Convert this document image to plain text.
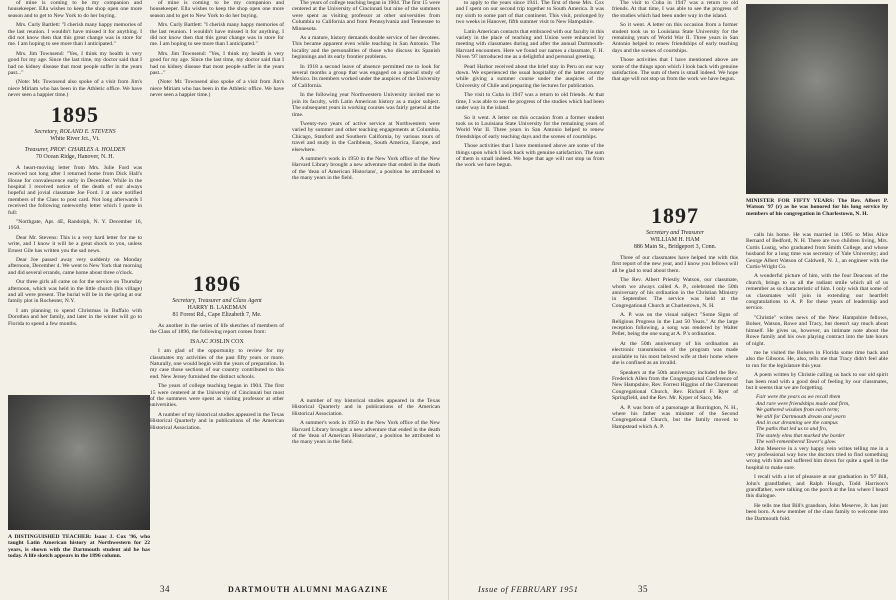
of mine is coming to be my companion and housekeeper. Ella wishes to keep the shop open one more season and to get to New York to do her buying.

Mrs. Curly Bartlett: "I cherish many happy memories of the last reunion. I wouldn't have missed it for anything. I did not know then that this great change was in store for me. I am hoping to see more than I anticipated."

Mrs. Jim Townsend: "Yes, I think my health is very good for my age. Since the last time, my doctor said that I had no kidney disease that most people suffer in the years past..."

(Note: Mr. Townsend also spoke of a visit from Jim's niece Miriam who has been in the Athletic office. We have never seen a happier time.)

1895
Secretary, ROLAND E. STEVENS
White River Jct., Vt.
Treasurer, PROF. CHARLES A. HOLDEN
70 Ocean Ridge, Hanover, N. H.

A heart-moving letter from Mrs. Julie Ford was received not long after I returned home from Dick Hall's House for convalescence early in December. While in the hospital I received notice of the death of our always hopeful and jovial classmate Joe Ford. I at once notified members of the Class to post card. Not long afterwards I received the following noteworthy letter which I quote in full:

"Northgate, Apt. 4E, Randolph, N. Y. December 16, 1950.

Dear Mr. Stevens: This is a very hard letter for me to write, and I know it will be a great shock to you, unless Ernest Gile has written you the sad news.

Dear Joe passed away very suddenly on Monday afternoon, December 4. We went to New York that morning and did several errands, came home about three o'clock.

Our three girls all came on for the service on Thursday afternoon, which was held in the little church (his village) and all were present. The burial will be in the spring at our family plot in Rochester, N.Y.

I am planning to spend Christmas in Buffalo with Dorothea and her family, and later in the winter will go to Florida to spend a few months.

1896
Secretary, Treasurer and Class Agent
HARRY B. LAKEMAN
81 Forest Rd., Cape Elizabeth 7, Me.

As another in the series of life sketches of members of the Class of 1896, the following report comes from:

ISAAC JOSLIN COX

I am glad of the opportunity to review for my classmates my activities of the past fifty years or more. Naturally, one would begin with the years of preparation. In my case those sections of our country contributed to this end. New Jersey furnished the distinct schools.

The years of college teaching began in 1904. The first 15 were centered at the University of Cincinnati but most of the summers were spent as visiting professor at other universities.

A number of my historical studies appeared in the Texas Historical Quarterly and in publications of the American Historical Association.

of mine is coming to be my companion and housekeeper. Ella wishes to keep the shop open one more season and to get to New York to do her buying.

Mrs. Curly Bartlett: "I cherish many happy memories of the last reunion. I wouldn't have missed it for anything. I did not know then that this great change was in store for me. I am hoping to see more than I anticipated."

Mrs. Jim Townsend: "Yes, I think my health is very good for my age. Since the last time, my doctor said that I had no kidney disease that most people suffer in the years past..."

(Note: Mr. Townsend also spoke of a visit from Jim's niece Miriam who has been in the Athletic office. We have never seen a happier time.)

The years of college teaching began in 1904. The first 15 were centered at the University of Cincinnati but nine of the summers were spent as visiting professor at other universities from Columbia to California and from Pennsylvania and Tennessee to Minnesota.

As a mature, history demands double service of her devotees. This became apparent even while teaching in San Antonio. The locality and the personalities of those who discuss its Spanish beginnings and its early frontier problems.

In 1918 a second leave of absence permitted me to look for several months a group that was engaged on a special study of Mexico. Its members worked under the auspices of the University of California.

In the following year Northwestern University invited me to join its faculty, with Latin American history as a major subject. The subsequent years in working courses was fairly general at the time.

Twenty-two years of active service at Northwestern were varied by summer and other teaching engagements at Columbia, Chicago, Stanford and Southern California, by various tours of travel and study in the Caribbean, South America, Europe, and elsewhere.

A summer's work in 1950 in the New York office of the New Harvard Library brought a new adventure that ended in the death of the 'dean of American Historians', a position he attributed to the many years in the field.

A DISTINGUISHED TEACHER: Isaac J. Cox '96, who taught Latin American history at Northwestern for 22 years, is shown with the Dartmouth student aid he has today. A life sketch appears in the 1896 column.

A number of my historical studies appeared in the Texas Historical Quarterly and in publications of the American Historical Association.

A summer's work in 1950 in the New York office of the New Harvard Library brought a new adventure that ended in the death of the 'dean of American Historians', a position he attributed to the many years in the field.

34	DARTMOUTH ALUMNI MAGAZINE

to apply to the years since 1941. The first of these Mrs. Cox and I spent on our second trip together to South America. It was my sixth to some part of that continent. This visit, prolonged by two weeks in Hanover, fifth summer visit to New Hampshire.

Latin American contacts that embraced with our faculty in this variety in the place of teaching and Union were enhanced by meeting with classmates during and after the annual Dartmouth-Harvard encounters. Here we found our names a classmate, F. H. Niven '97 introduced me as a delightful and personal greeting.

Pearl Harbor received about the brief stay in Peru on our way down. We experienced the usual hospitality of the latter country while giving a summer course under the auspices of the University of Chile and preparing the lectures for publication.

The visit to Cuba in 1947 was a return to old friends. At that time, I was able to see the progress of the studies which had been under way in the island.

So it went. A letter on this occasion from a former student took us to Louisiana State University for the remaining years of World War II. Three years in San Antonio helped to renew friendships of early teaching days and the scenes of courtships.

Those activities that I have mentioned above are some of the things upon which I look back with genuine satisfaction. The sum of them is small indeed. We hope that age will not stop us from the work we have begun.

1897
Secretary and Treasurer
WILLIAM H. HAM
886 Main St., Bridgeport 3, Conn.

Three of our classmates have helped me with this first report of the new year, and I know you fellows will all be glad to read about them.

The Rev. Albert Priestly Watson, our classmate, whom we always called A. P., celebrated the 50th anniversary of his ordination in the Christian Ministry in September. The service was held at the Congregational Church at Charlestown, N. H.

A. P. was on the visual subject "Some Signs of Religious Progress in the Last 50 Years." At the large reception following, a song was rendered by Walter Pellet, being the one sung at A. P.'s ordination.

At the 50th anniversary of his ordination an electronic transmission of the program was made available to his most beloved wife at their home where she is confined as an invalid.

Speakers at the 50th anniversary included the Rev. Frederick Allen from the Congregational Conference of New Hampshire, Rev. Forrest Higgins of the Claremont Congregational Church, Rev. Richard F. Ryer of Springfield, and the Rev. Mr. Kyper of Saco, Me.

A. P. was born of a parsonage at Burrington, N. H., where his father was minister of the Second Congregational Church, but the family moved to Hampstead which A. P.

The visit to Cuba in 1947 was a return to old friends. At that time, I was able to see the progress of the studies which had been under way in the island.

So it went. A letter on this occasion from a former student took us to Louisiana State University for the remaining years of World War II. Three years in San Antonio helped to renew friendships of early teaching days and the scenes of courtships.

Those activities that I have mentioned above are some of the things upon which I look back with genuine satisfaction. The sum of them is small indeed. We hope that age will not stop us from the work we have begun.

MINISTER FOR FIFTY YEARS: The Rev. Albert P. Watson '97 (r) as he was honored for his long service by members of his congregation in Charlestown, N. H.

calls his home. He was married in 1905 to Miss Alice Bernard of Bedford, N. H. There are two children living, Mrs. Curtis Lustig, who graduated from Smith College, and whose husband for a long time was secretary of Yale University; and George Albert Watson of Caldwell, N. J., an engineer with the Curtis-Wright Co.

A wonderful picture of him, with the four Deacons of the church, brings to us all the radiant smile which all of us remember as so characteristic of him. I only wish that some of us classmates will join in extending our heartfelt congratulations to A. P. for these years of leadership and service.

"Christie" writes news of the New Hampshire fellows, Bolser, Watson, Rowe and Tracy, but doesn't say much about himself. He gives us, however, an intimate note about the Rowe family and his own playing contract into the late hours of night.

me he visited the Bolsers in Florida some time back and also the Gibsons. He, also, tells me that Tracy didn't feel able to run for the legislature this year.

A poem written by Christie calling us back to our old spirit has been read with a good deal of feeling by our classmates, but it seems that we are forgetting.

Fair were the years as we recall them
And rare were friendships made and firm,
We gathered wisdom from each term;
We still for Dartmouth dream and yearn
And in our dreaming see the campus
The paths that led us to and fro,
The stately elms that marked the border
The well-remembered Tower's glow.

John Meserve in a very happy vein writes telling me in a very professional way how the doctors tried to find something wrong with him and suffered him down for quite a spell in the hospital to make sure.

I recall with a lot of pleasure at our graduation in '97 Bill, John's grandfather, and Ralph Hough, Todd Harrison's grandfather, were talking on the porch at the Inn where I heard this dialogue.

He tells me that Bill's grandson, John Meserve, Jr. has just been born. A new member of the class family to welcome into the Dartmouth fold.

Issue of FEBRUARY 1951	35
